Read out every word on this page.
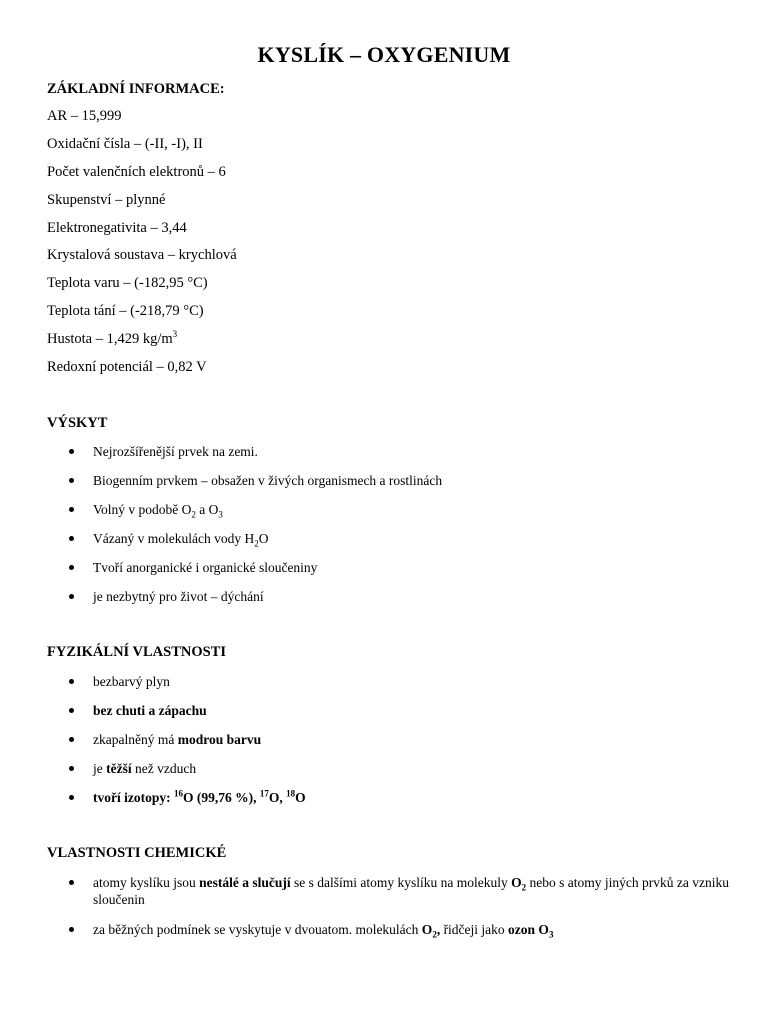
KYSLÍK – OXYGENIUM

ZÁKLADNÍ INFORMACE:

AR – 15,999

Oxidační čísla – (-II, -I), II

Počet valenčních elektronů – 6

Skupenství – plynné

Elektronegativita – 3,44

Krystalová soustava – krychlová

Teplota varu – (-182,95 °C)

Teplota tání – (-218,79 °C)

Hustota – 1,429 $kg/m^3$

Redoxní potenciál – 0,82 V

VÝSKYT

Nejrozšířenější prvek na zemi.
Biogenním prvkem – obsažen v živých organismech a rostlinách
Volný v podobě $O_2$ a $O_3$
Vázaný v molekulách vody $H_2O$
Tvoří anorganické i organické sloučeniny
je nezbytný pro život – dýchání

FYZIKÁLNÍ VLASTNOSTI

bezbarvý plyn
bez chuti a zápachu
zkapalněný má modrou barvu
je těžší než vzduch
tvoří izotopy: $^{16}$O (99,76 %), $^{17}$O, $^{18}$O

VLASTNOSTI CHEMICKÉ

atomy kyslíku jsou nestálé a slučují se s dalšími atomy kyslíku na molekuly $O_2$ nebo s atomy jiných prvků za vzniku sloučenin
za běžných podmínek se vyskytuje v dvouatom. molekulách $O_2$, řidčeji jako ozon $O_3$
